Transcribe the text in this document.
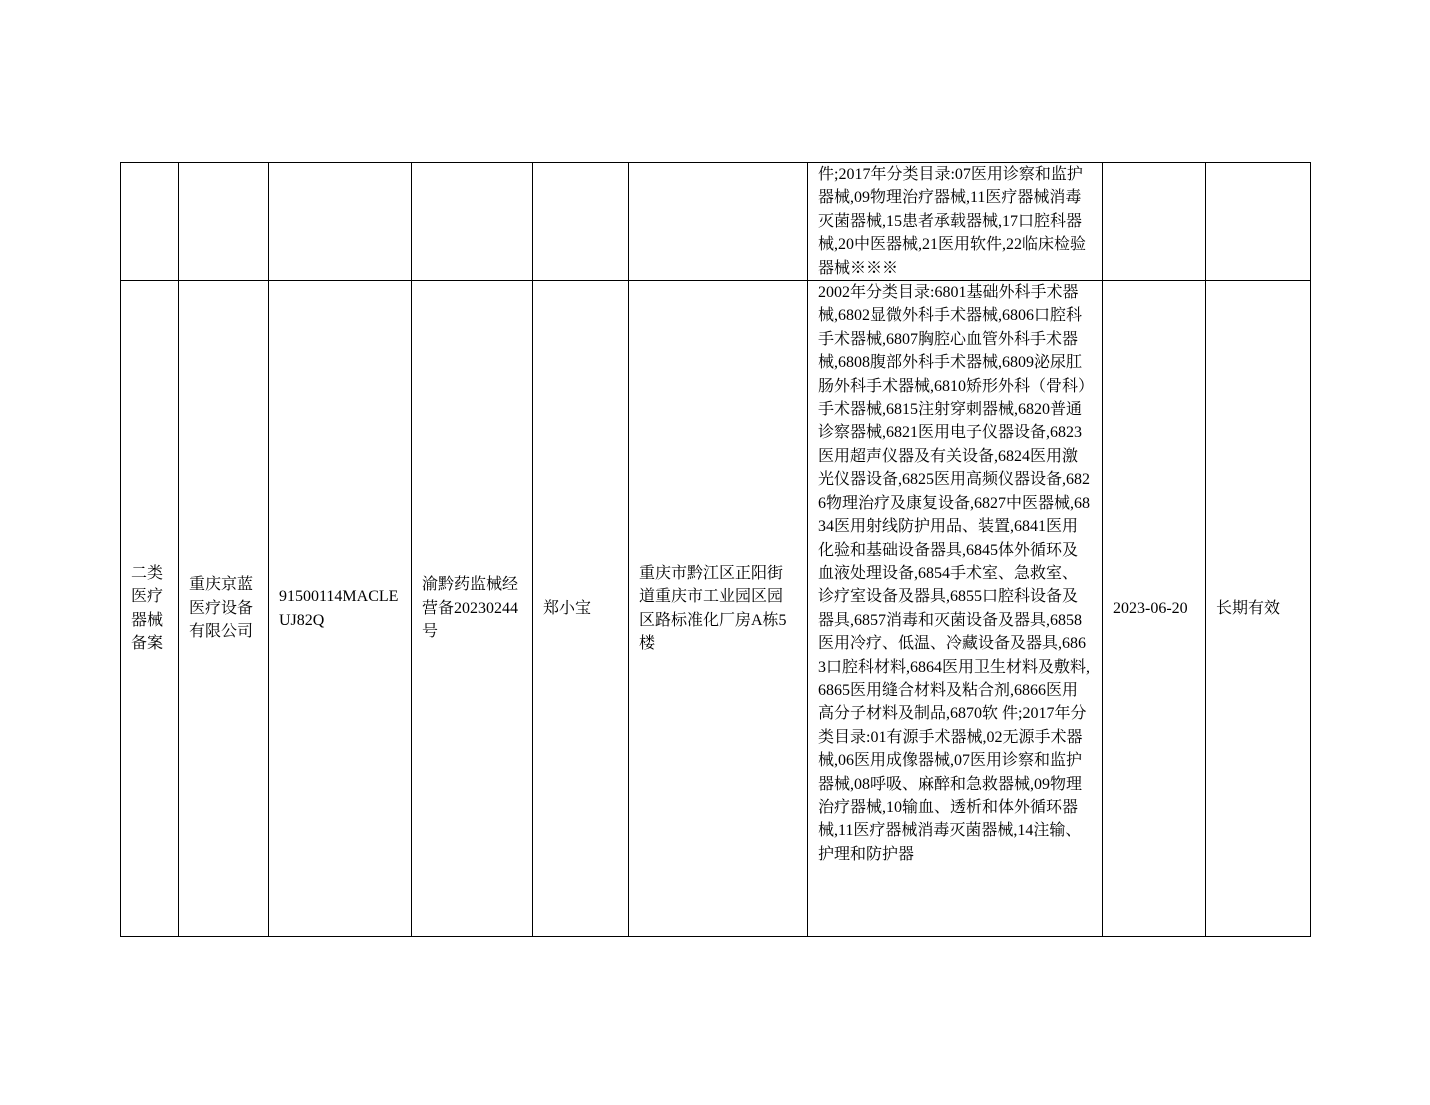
						件;2017年分类目录:07医用诊察和监护器械,09物理治疗器械,11医疗器械消毒灭菌器械,15患者承载器械,17口腔科器械,20中医器械,21医用软件,22临床检验器械※※※		

二类医疗器械备案	重庆京蓝医疗设备有限公司	91500114MACLEUJ82Q	渝黔药监械经营备20230244号	郑小宝	重庆市黔江区正阳街道重庆市工业园区园区路标准化厂房A栋5楼	2002年分类目录:6801基础外科手术器械,6802显微外科手术器械,6806口腔科手术器械,6807胸腔心血管外科手术器械,6808腹部外科手术器械,6809泌尿肛肠外科手术器械,6810矫形外科（骨科）手术器械,6815注射穿刺器械,6820普通诊察器械,6821医用电子仪器设备,6823医用超声仪器及有关设备,6824医用激光仪器设备,6825医用高频仪器设备,6826物理治疗及康复设备,6827中医器械,6834医用射线防护用品、装置,6841医用化验和基础设备器具,6845体外循环及血液处理设备,6854手术室、急救室、诊疗室设备及器具,6855口腔科设备及器具,6857消毒和灭菌设备及器具,6858医用冷疗、低温、冷藏设备及器具,6863口腔科材料,6864医用卫生材料及敷料,6865医用缝合材料及粘合剂,6866医用高分子材料及制品,6870软 件;2017年分类目录:01有源手术器械,02无源手术器械,06医用成像器械,07医用诊察和监护器械,08呼吸、麻醉和急救器械,09物理治疗器械,10输血、透析和体外循环器械,11医疗器械消毒灭菌器械,14注输、护理和防护器	2023-06-20	长期有效
